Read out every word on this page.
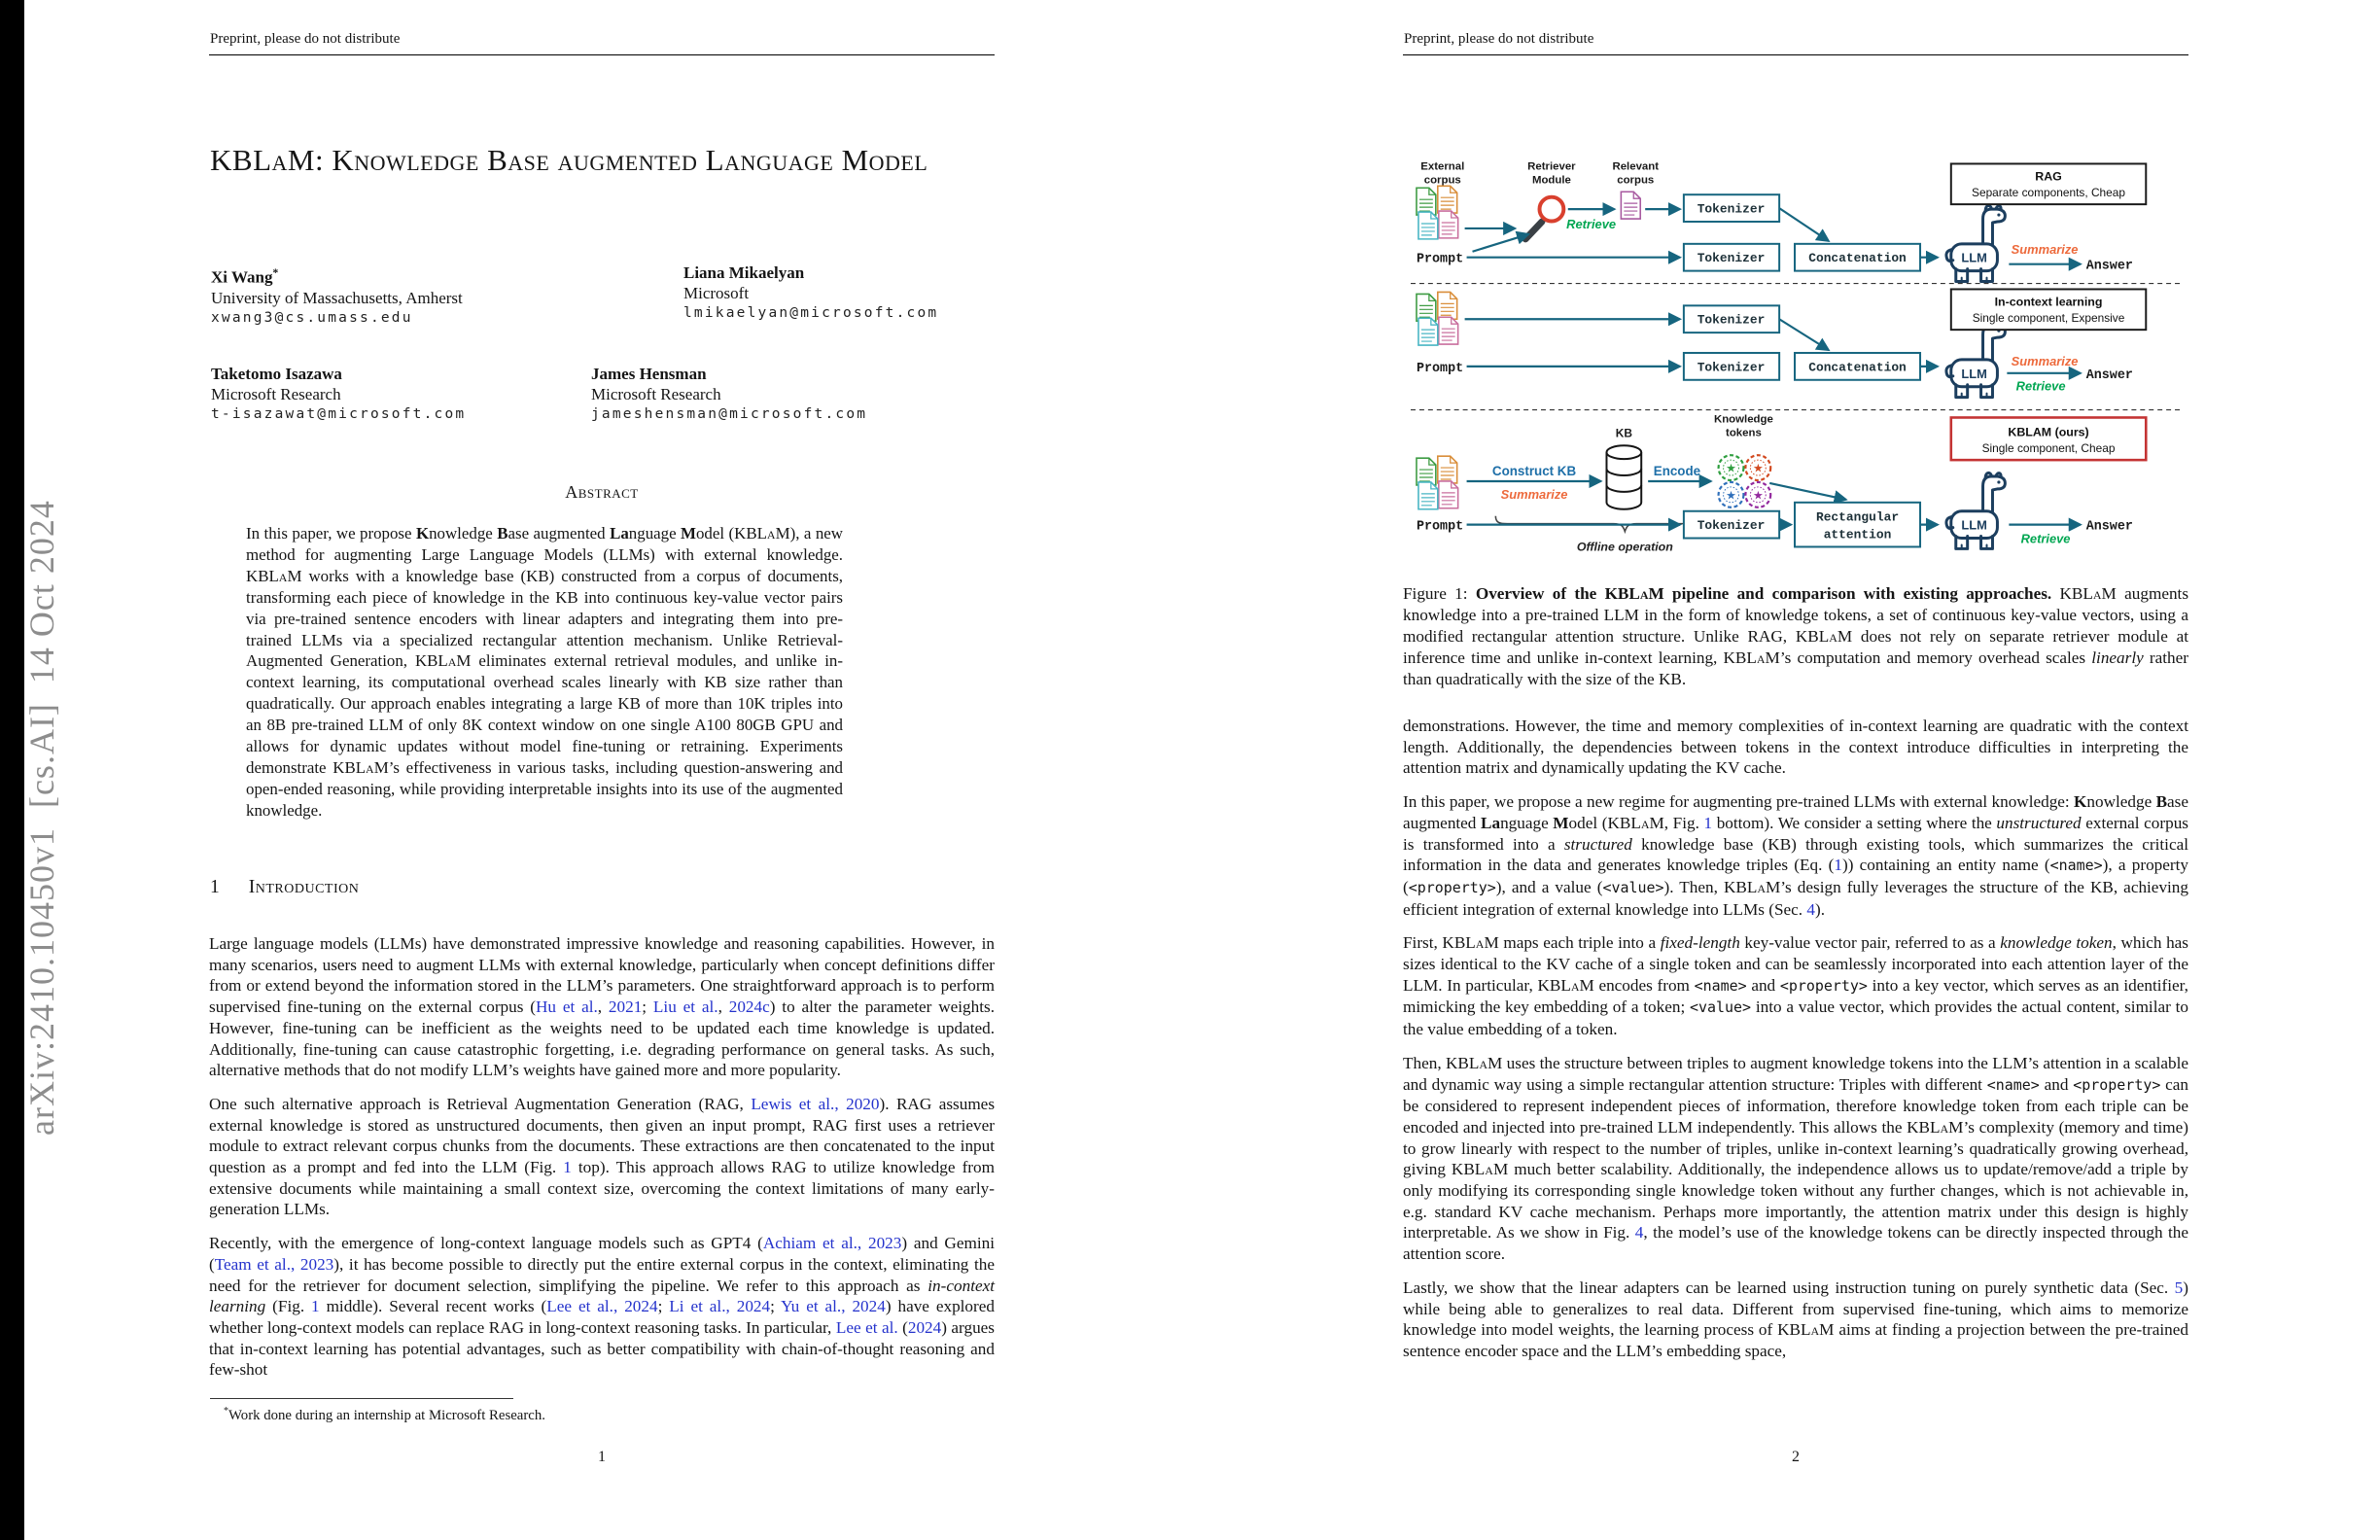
arXiv:2410.10450v1  [cs.AI]  14 Oct 2024
Preprint, please do not distribute
KBLaM: Knowledge Base augmented Language Model
Xi Wang*
University of Massachusetts, Amherst
xwang3@cs.umass.edu
Liana Mikaelyan
Microsoft
lmikaelyan@microsoft.com
Taketomo Isazawa
Microsoft Research
t-isazawat@microsoft.com
James Hensman
Microsoft Research
jameshensman@microsoft.com
Abstract
In this paper, we propose Knowledge Base augmented Language Model (KBLaM), a new method for augmenting Large Language Models (LLMs) with external knowledge. KBLaM works with a knowledge base (KB) constructed from a corpus of documents, transforming each piece of knowledge in the KB into continuous key-value vector pairs via pre-trained sentence encoders with linear adapters and integrating them into pre-trained LLMs via a specialized rectangular attention mechanism. Unlike Retrieval-Augmented Generation, KBLaM eliminates external retrieval modules, and unlike in-context learning, its computational overhead scales linearly with KB size rather than quadratically. Our approach enables integrating a large KB of more than 10K triples into an 8B pre-trained LLM of only 8K context window on one single A100 80GB GPU and allows for dynamic updates without model fine-tuning or retraining. Experiments demonstrate KBLaM’s effectiveness in various tasks, including question-answering and open-ended reasoning, while providing interpretable insights into its use of the augmented knowledge.
1 Introduction

Large language models (LLMs) have demonstrated impressive knowledge and reasoning capabilities. However, in many scenarios, users need to augment LLMs with external knowledge, particularly when concept definitions differ from or extend beyond the information stored in the LLM’s parameters. One straightforward approach is to perform supervised fine-tuning on the external corpus (Hu et al., 2021; Liu et al., 2024c) to alter the parameter weights. However, fine-tuning can be inefficient as the weights need to be updated each time knowledge is updated. Additionally, fine-tuning can cause catastrophic forgetting, i.e. degrading performance on general tasks. As such, alternative methods that do not modify LLM’s weights have gained more and more popularity.

One such alternative approach is Retrieval Augmentation Generation (RAG, Lewis et al., 2020). RAG assumes external knowledge is stored as unstructured documents, then given an input prompt, RAG first uses a retriever module to extract relevant corpus chunks from the documents. These extractions are then concatenated to the input question as a prompt and fed into the LLM (Fig. 1 top). This approach allows RAG to utilize knowledge from extensive documents while maintaining a small context size, overcoming the context limitations of many early-generation LLMs.

Recently, with the emergence of long-context language models such as GPT4 (Achiam et al., 2023) and Gemini (Team et al., 2023), it has become possible to directly put the entire external corpus in the context, eliminating the need for the retriever for document selection, simplifying the pipeline. We refer to this approach as in-context learning (Fig. 1 middle). Several recent works (Lee et al., 2024; Li et al., 2024; Yu et al., 2024) have explored whether long-context models can replace RAG in long-context reasoning tasks. In particular, Lee et al. (2024) argues that in-context learning has potential advantages, such as better compatibility with chain-of-thought reasoning and few-shot

*Work done during an internship at Microsoft Research.
1
Preprint, please do not distribute
External
corpus
Retriever
Module
Retrieve
Relevant
corpus
Tokenizer
Prompt	Tokenizer	Concatenation	LLM
Summarize
Answer
RAG
Separate components, Cheap
Tokenizer
Prompt	Tokenizer	Concatenation	LLM
Summarize
Retrieve
Answer
In-context learning
Single component, Expensive
Construct KB
Summarize
KB
Encode
Knowledge
tokens
★ ★
★ ★
Offline operation
Prompt	Tokenizer
Rectangular
attention
LLM
Retrieve
Answer
KBLAM (ours)
Single component, Cheap
Figure 1: Overview of the KBLaM pipeline and comparison with existing approaches. KBLaM augments knowledge into a pre-trained LLM in the form of knowledge tokens, a set of continuous key-value vectors, using a modified rectangular attention structure. Unlike RAG, KBLaM does not rely on separate retriever module at inference time and unlike in-context learning, KBLaM’s computation and memory overhead scales linearly rather than quadratically with the size of the KB.

demonstrations. However, the time and memory complexities of in-context learning are quadratic with the context length. Additionally, the dependencies between tokens in the context introduce difficulties in interpreting the attention matrix and dynamically updating the KV cache.

In this paper, we propose a new regime for augmenting pre-trained LLMs with external knowledge: Knowledge Base augmented Language Model (KBLaM, Fig. 1 bottom). We consider a setting where the unstructured external corpus is transformed into a structured knowledge base (KB) through existing tools, which summarizes the critical information in the data and generates knowledge triples (Eq. (1)) containing an entity name (<name>), a property (<property>), and a value (<value>). Then, KBLaM’s design fully leverages the structure of the KB, achieving efficient integration of external knowledge into LLMs (Sec. 4).

First, KBLaM maps each triple into a fixed-length key-value vector pair, referred to as a knowledge token, which has sizes identical to the KV cache of a single token and can be seamlessly incorporated into each attention layer of the LLM. In particular, KBLaM encodes from <name> and <property> into a key vector, which serves as an identifier, mimicking the key embedding of a token; <value> into a value vector, which provides the actual content, similar to the value embedding of a token.

Then, KBLaM uses the structure between triples to augment knowledge tokens into the LLM’s attention in a scalable and dynamic way using a simple rectangular attention structure: Triples with different <name> and <property> can be considered to represent independent pieces of information, therefore knowledge token from each triple can be encoded and injected into pre-trained LLM independently. This allows the KBLaM’s complexity (memory and time) to grow linearly with respect to the number of triples, unlike in-context learning’s quadratically growing overhead, giving KBLaM much better scalability. Additionally, the independence allows us to update/remove/add a triple by only modifying its corresponding single knowledge token without any further changes, which is not achievable in, e.g. standard KV cache mechanism. Perhaps more importantly, the attention matrix under this design is highly interpretable. As we show in Fig. 4, the model’s use of the knowledge tokens can be directly inspected through the attention score.

Lastly, we show that the linear adapters can be learned using instruction tuning on purely synthetic data (Sec. 5) while being able to generalizes to real data. Different from supervised fine-tuning, which aims to memorize knowledge into model weights, the learning process of KBLaM aims at finding a projection between the pre-trained sentence encoder space and the LLM’s embedding space,

2
